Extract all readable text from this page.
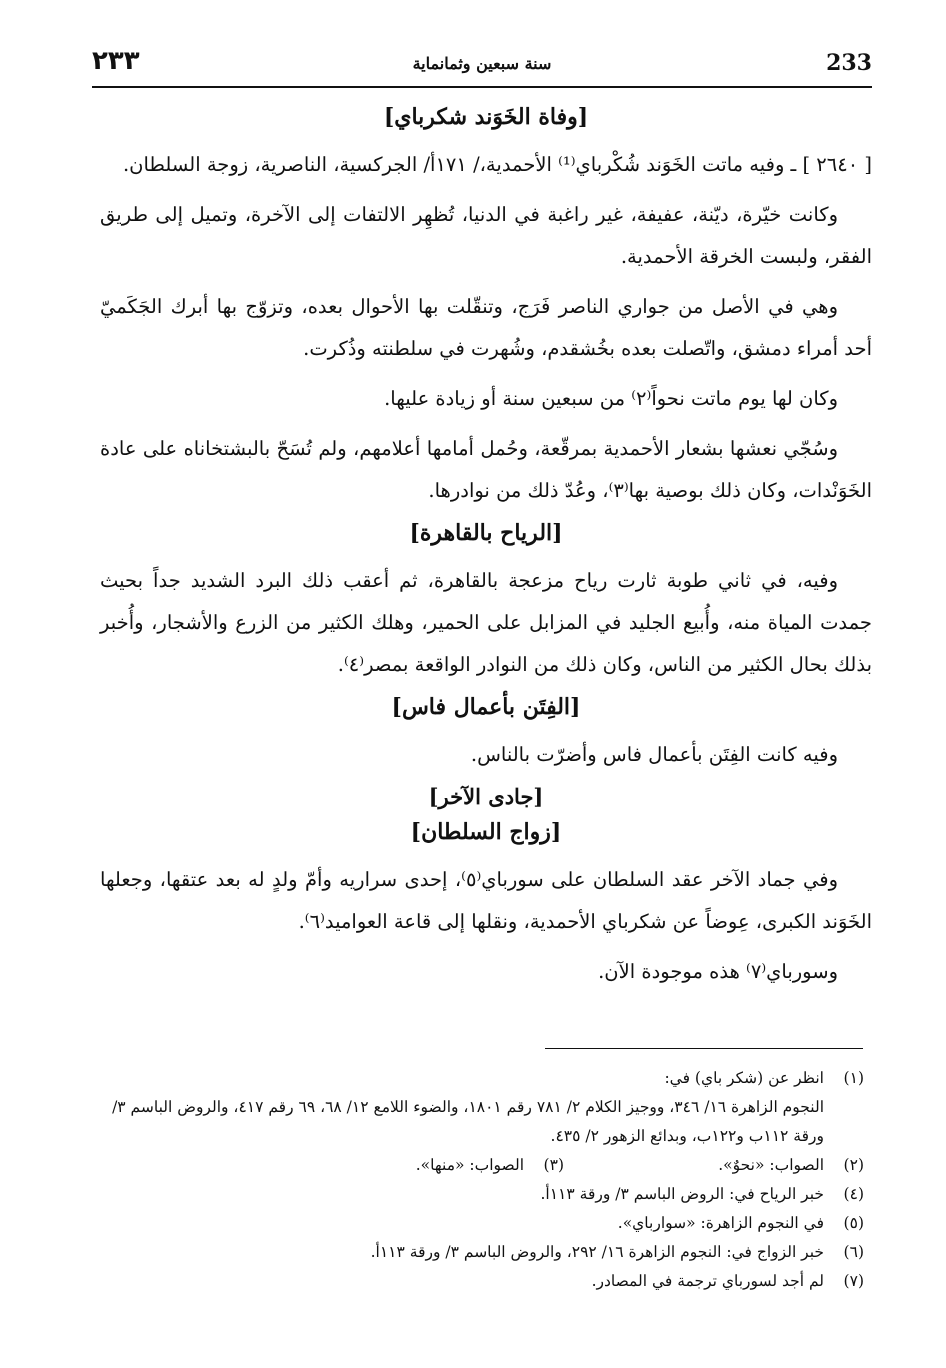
٢٣٣	سنة سبعين وثمانماية	233
[وفاة الخَوَند شكرباي]
[ ٢٦٤٠ ] ـ وفيه ماتت الخَوَند شُكْرباي⁽¹⁾ الأحمدية،/ ١٧١أ/ الجركسية، الناصرية، زوجة السلطان.
وكانت خيّرة، ديّنة، عفيفة، غير راغبة في الدنيا، تُظهِر الالتفات إلى الآخرة، وتميل إلى طريق الفقر، ولبست الخرقة الأحمدية.
وهي في الأصل من جواري الناصر فَرَج، وتنقّلت بها الأحوال بعده، وتزوّج بها أبرك الجَكَميّ أحد أمراء دمشق، واتّصلت بعده بخُشقدم، وشُهرت في سلطنته وذُكرت.
وكان لها يوم ماتت نحواً⁽٢⁾ من سبعين سنة أو زيادة عليها.
وسُجّي نعشها بشعار الأحمدية بمرقّعة، وحُمل أمامها أعلامهم، ولم تُسَحّ بالبشتخاناه على عادة الخَوَنْدات، وكان ذلك بوصية بها⁽٣⁾، وعُدّ ذلك من نوادرها.
[الرياح بالقاهرة]
وفيه، في ثاني طوبة ثارت رياح مزعجة بالقاهرة، ثم أعقب ذلك البرد الشديد جداً بحيث جمدت المياة منه، وأُبيع الجليد في المزابل على الحمير، وهلك الكثير من الزرع والأشجار، وأُخبر بذلك بحال الكثير من الناس، وكان ذلك من النوادر الواقعة بمصر⁽٤⁾.
[الفِتَن بأعمال فاس]
وفيه كانت الفِتَن بأعمال فاس وأضرّت بالناس.
[جادى الآخر]
[زواج السلطان]
وفي جماد الآخر عقد السلطان على سورباي⁽٥⁾، إحدى سراريه وأمّ ولدٍ له بعد عتقها، وجعلها الخَوَند الكبرى، عِوضاً عن شكرباي الأحمدية، ونقلها إلى قاعة العواميد⁽٦⁾.
وسورباي⁽٧⁾ هذه موجودة الآن.
(١)
انظر عن (شكر باي) في:
النجوم الزاهرة ١٦/ ٣٤٦، ووجيز الكلام ٢/ ٧٨١ رقم ١٨٠١، والضوء اللامع ١٢/ ٦٨، ٦٩ رقم ٤١٧، والروض الباسم ٣/ ورقة ١١٢ب و١٢٢ب، وبدائع الزهور ٢/ ٤٣٥.
(٢)
الصواب: «نحوٌ».
(٣)
الصواب: «منها».
(٤)
خبر الرياح في: الروض الباسم ٣/ ورقة ١١٣أ.
(٥)
في النجوم الزاهرة: «سوارباي».
(٦)
خبر الزواج في: النجوم الزاهرة ١٦/ ٢٩٢، والروض الباسم ٣/ ورقة ١١٣أ.
(٧)
لم أجد لسورباي ترجمة في المصادر.
